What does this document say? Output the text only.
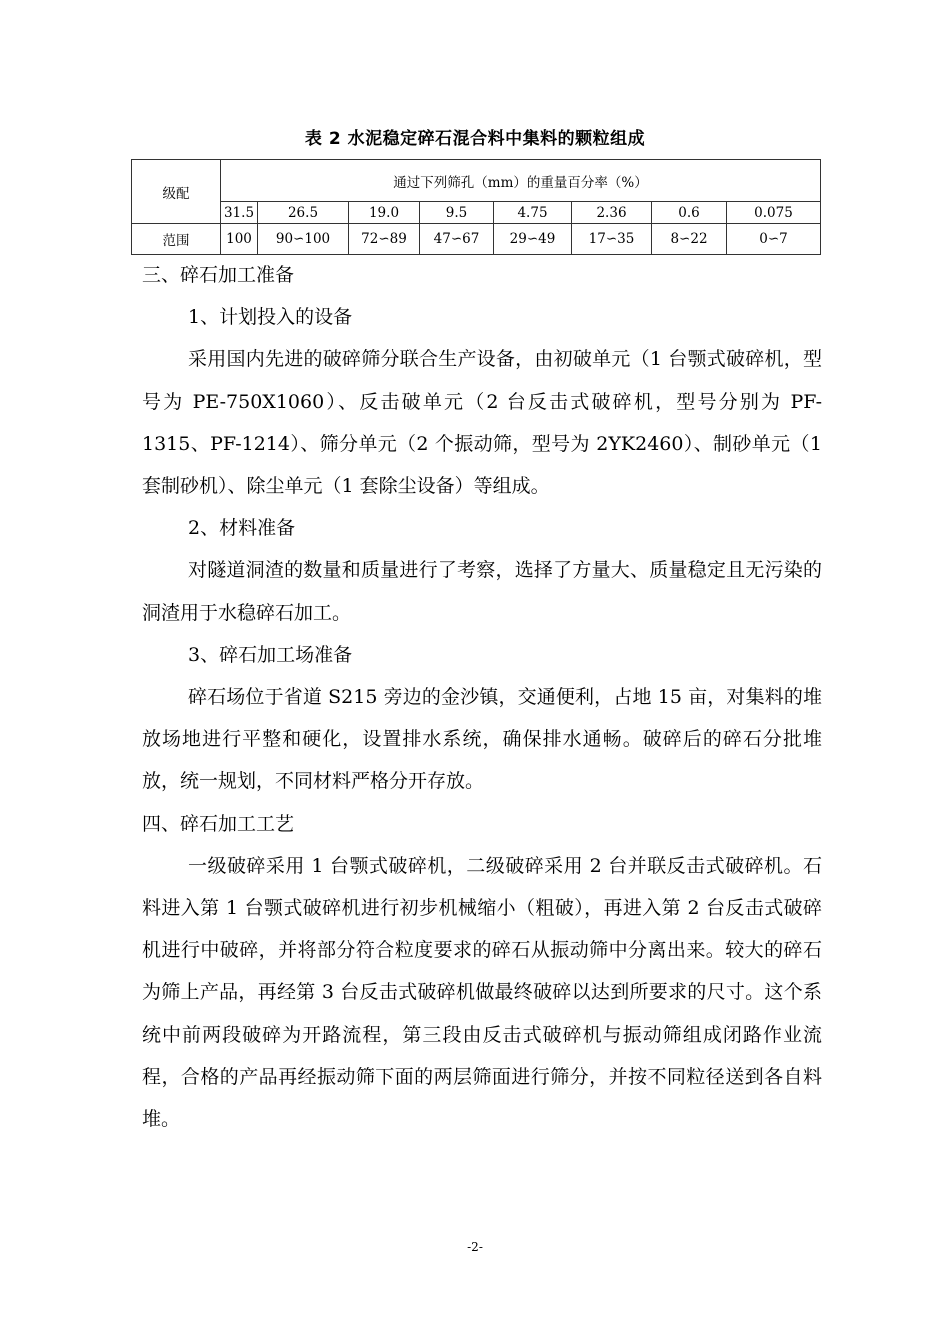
表 2 水泥稳定碎石混合料中集料的颗粒组成
级配	通过下列筛孔（mm）的重量百分率（%）							
	31.5	26.5	19.0	9.5	4.75	2.36	0.6	0.075
范围	100	90∽100	72∽89	47∽67	29∽49	17∽35	8∽22	0∽7

三、碎石加工准备

1、计划投入的设备

采用国内先进的破碎筛分联合生产设备，由初破单元（1 台颚式破碎机，型号为 PE-750X1060）、反击破单元（2 台反击式破碎机，型号分别为 PF-1315、PF-1214）、筛分单元（2 个振动筛，型号为 2YK2460）、制砂单元（1 套制砂机）、除尘单元（1 套除尘设备）等组成。

2、材料准备

对隧道洞渣的数量和质量进行了考察，选择了方量大、质量稳定且无污染的洞渣用于水稳碎石加工。

3、碎石加工场准备

碎石场位于省道 S215 旁边的金沙镇，交通便利，占地 15 亩，对集料的堆放场地进行平整和硬化，设置排水系统，确保排水通畅。破碎后的碎石分批堆放，统一规划，不同材料严格分开存放。

四、碎石加工工艺

一级破碎采用 1 台颚式破碎机，二级破碎采用 2 台并联反击式破碎机。石料进入第 1 台颚式破碎机进行初步机械缩小（粗破），再进入第 2 台反击式破碎机进行中破碎，并将部分符合粒度要求的碎石从振动筛中分离出来。较大的碎石为筛上产品，再经第 3 台反击式破碎机做最终破碎以达到所要求的尺寸。这个系统中前两段破碎为开路流程，第三段由反击式破碎机与振动筛组成闭路作业流程，合格的产品再经振动筛下面的两层筛面进行筛分，并按不同粒径送到各自料堆。

-2-
